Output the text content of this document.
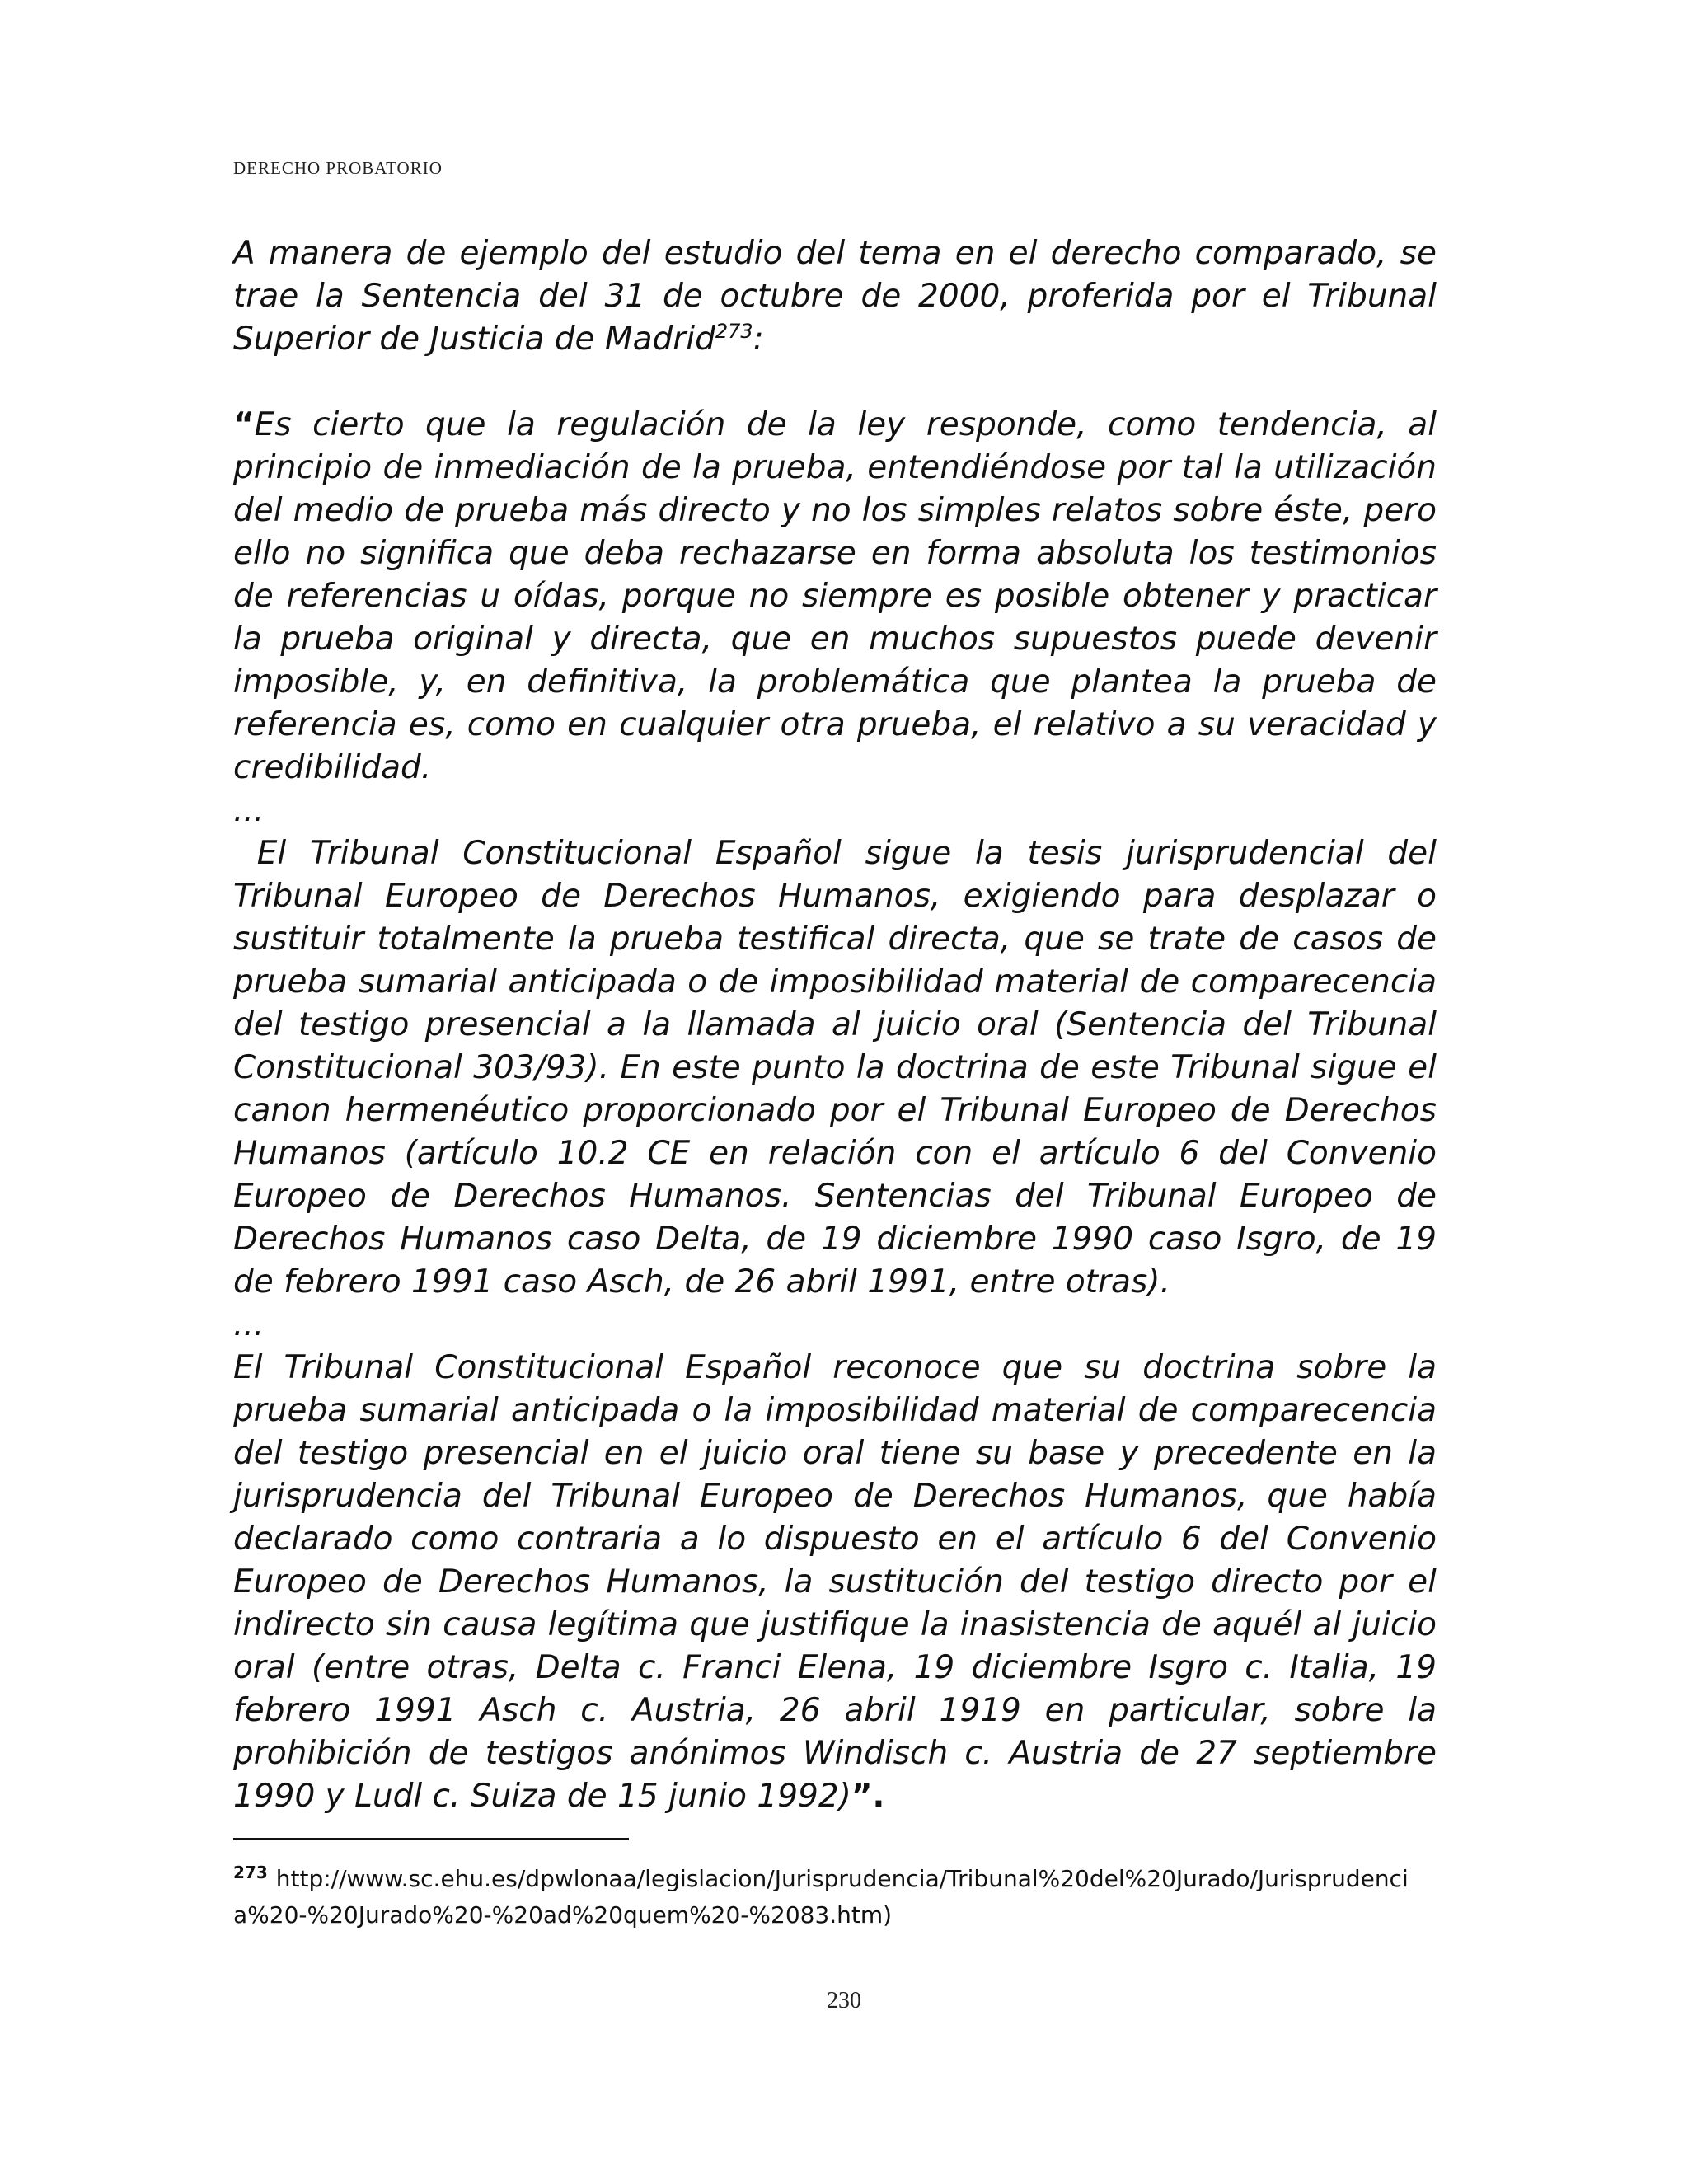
DERECHO PROBATORIO

A manera de ejemplo del estudio del tema en el derecho comparado, se trae la Sentencia del 31 de octubre de 2000, proferida por el Tribunal Superior de Justicia de Madrid$^{273}$:

“Es cierto que la regulación de la ley responde, como tendencia, al principio de inmediación de la prueba, entendiéndose por tal la utilización del medio de prueba más directo y no los simples relatos sobre éste, pero ello no significa que deba rechazarse en forma absoluta los testimonios de referencias u oídas, porque no siempre es posible obtener y practicar la prueba original y directa, que en muchos supuestos puede devenir imposible, y, en definitiva, la problemática que plantea la prueba de referencia es, como en cualquier otra prueba, el relativo a su veracidad y credibilidad.

...

El Tribunal Constitucional Español sigue la tesis jurisprudencial del Tribunal Europeo de Derechos Humanos, exigiendo para desplazar o sustituir totalmente la prueba testifical directa, que se trate de casos de prueba sumarial anticipada o de imposibilidad material de comparecencia del testigo presencial a la llamada al juicio oral (Sentencia del Tribunal Constitucional 303/93). En este punto la doctrina de este Tribunal sigue el canon hermenéutico proporcionado por el Tribunal Europeo de Derechos Humanos (artículo 10.2 CE en relación con el artículo 6 del Convenio Europeo de Derechos Humanos. Sentencias del Tribunal Europeo de Derechos Humanos caso Delta, de 19 diciembre 1990 caso Isgro, de 19 de febrero 1991 caso Asch, de 26 abril 1991, entre otras).

...

El Tribunal Constitucional Español reconoce que su doctrina sobre la prueba sumarial anticipada o la imposibilidad material de comparecencia del testigo presencial en el juicio oral tiene su base y precedente en la jurisprudencia del Tribunal Europeo de Derechos Humanos, que había declarado como contraria a lo dispuesto en el artículo 6 del Convenio Europeo de Derechos Humanos, la sustitución del testigo directo por el indirecto sin causa legítima que justifique la inasistencia de aquél al juicio oral (entre otras, Delta c. Franci Elena, 19 diciembre Isgro c. Italia, 19 febrero 1991 Asch c. Austria, 26 abril 1919 en particular, sobre la prohibición de testigos anónimos Windisch c. Austria de 27 septiembre 1990 y Ludl c. Suiza de 15 junio 1992)”.

$^{273}$ http://www.sc.ehu.es/dpwlonaa/legislacion/Jurisprudencia/Tribunal%20del%20Jurado/Jurisprudencia%20-%20Jurado%20-%20ad%20quem%20-%2083.htm)
230
